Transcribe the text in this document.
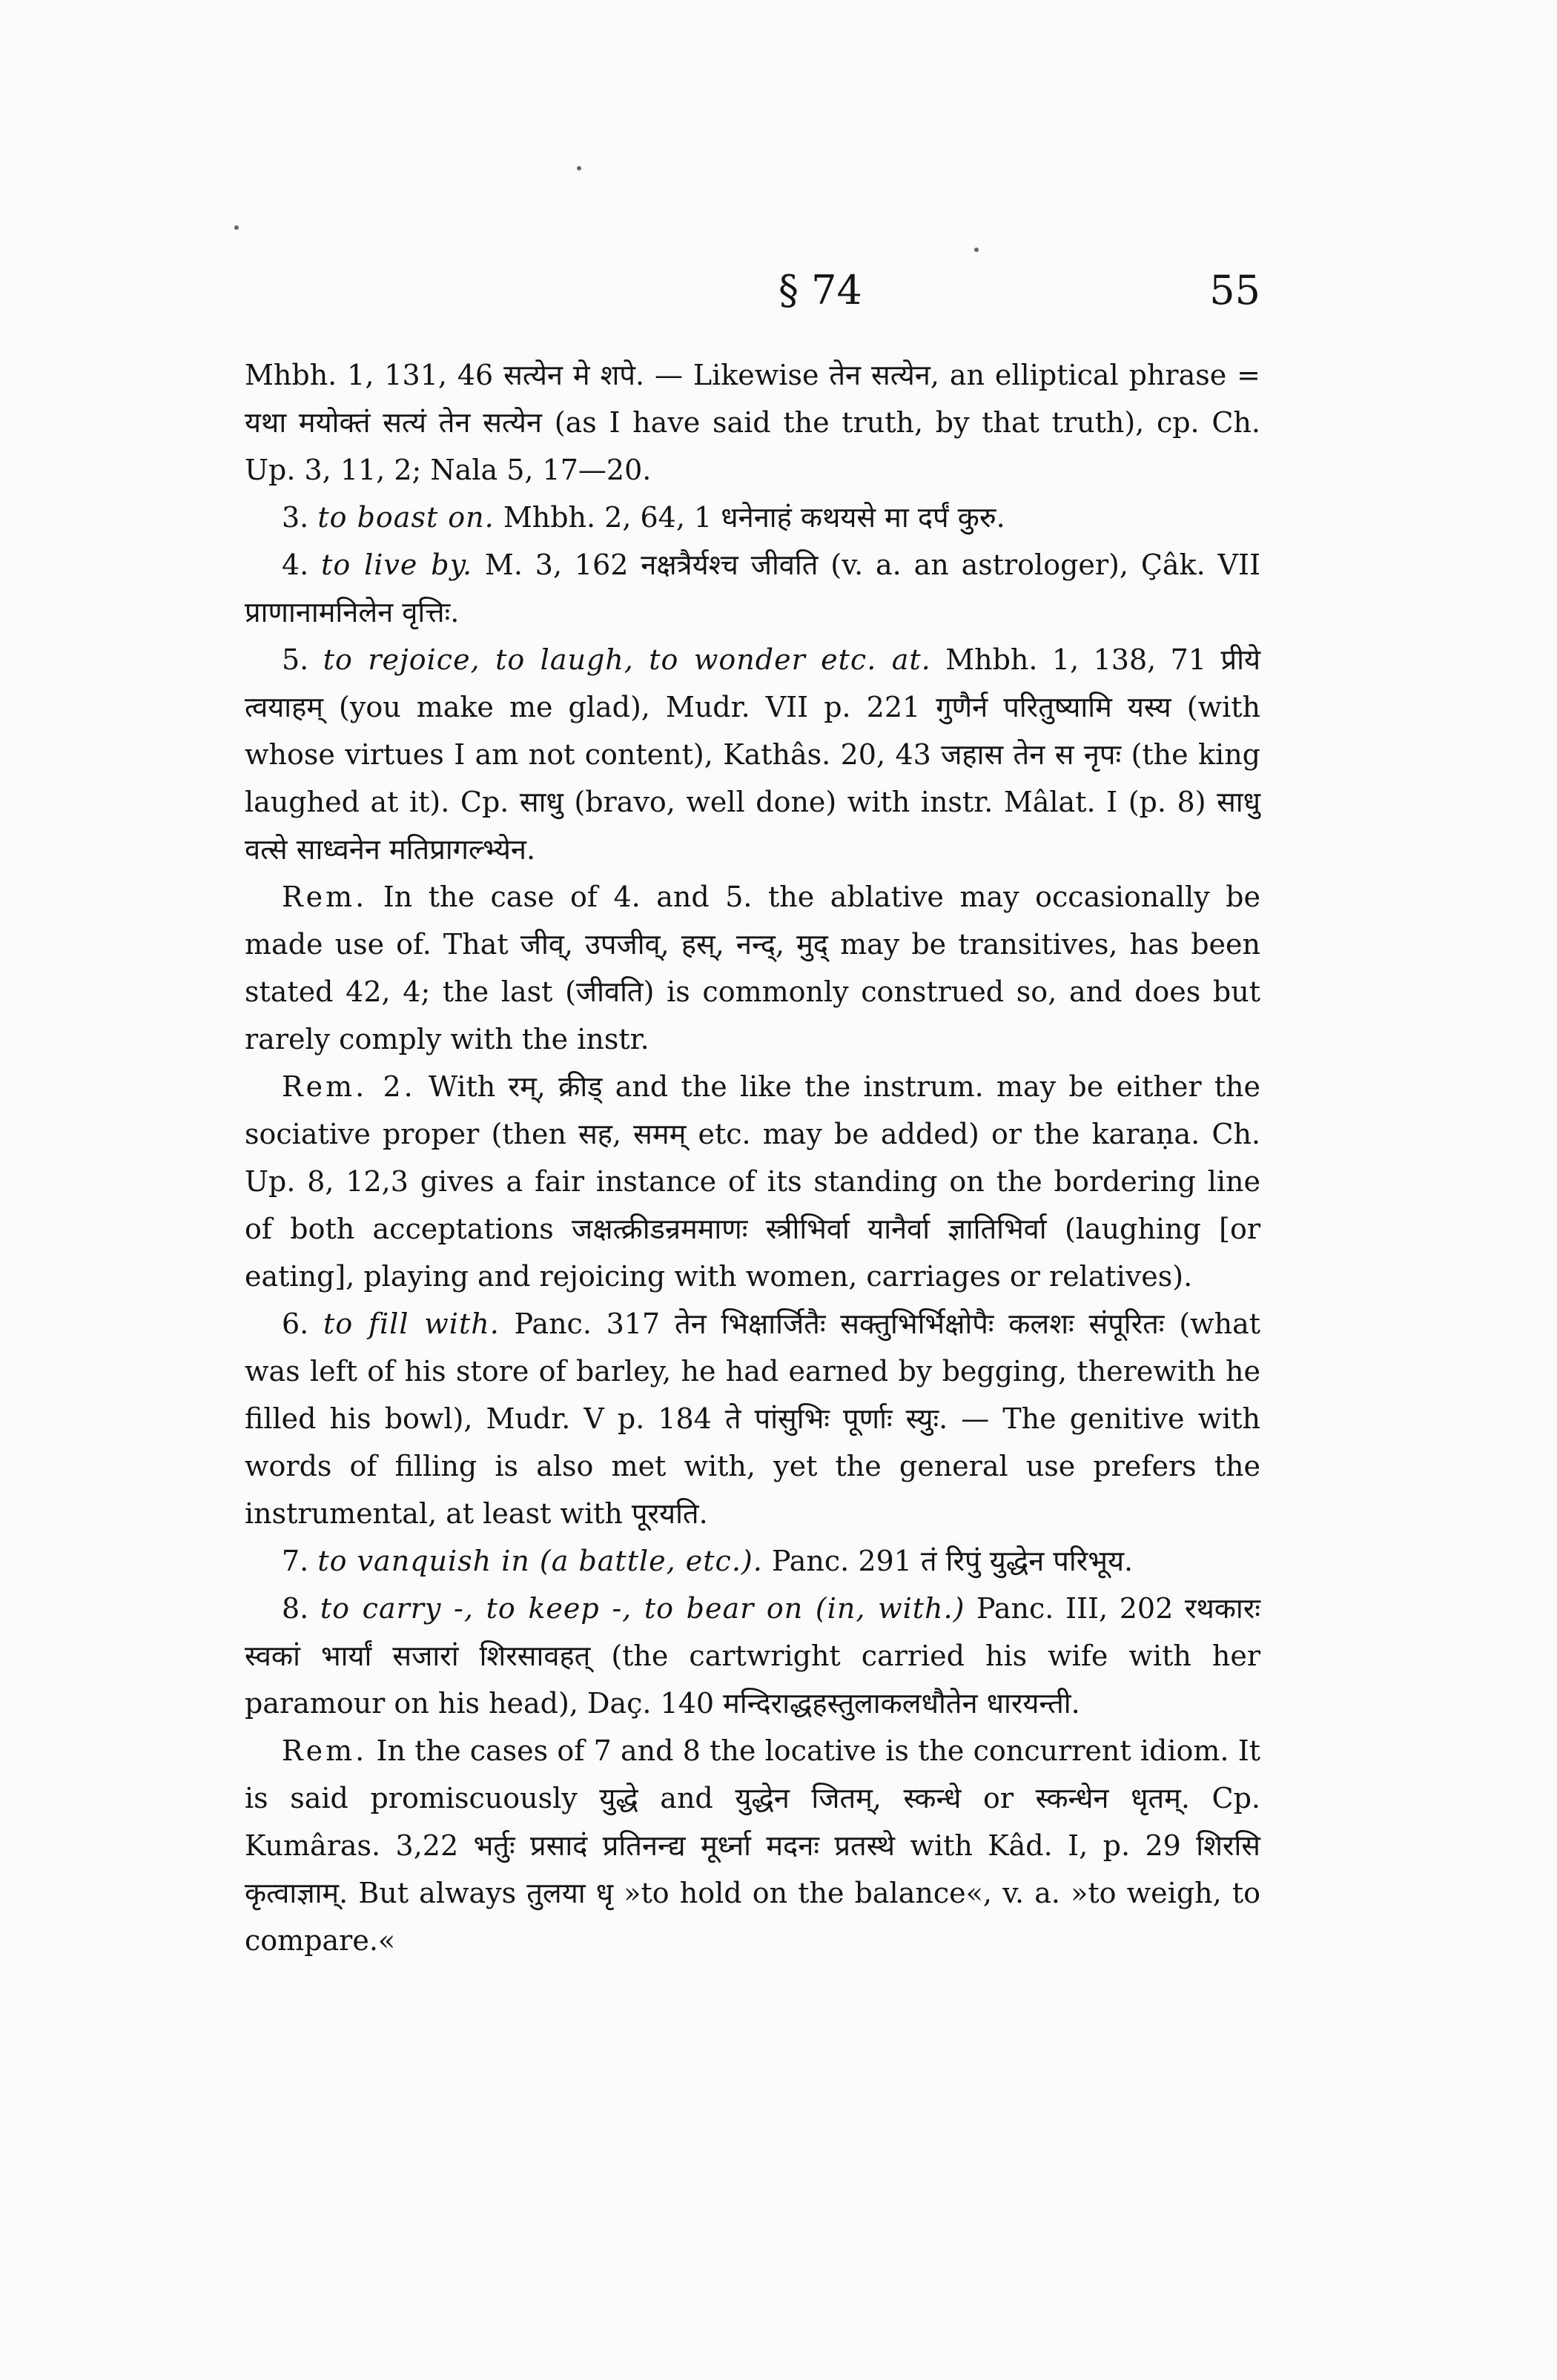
§ 74	55

Mhbh. 1, 131, 46 सत्येन मे शपे. — Likewise तेन सत्येन, an elliptical phrase = यथा मयोक्तं सत्यं तेन सत्येन (as I have said the truth, by that truth), cp. Ch. Up. 3, 11, 2; Nala 5, 17—20.

3. to boast on. Mhbh. 2, 64, 1 धनेनाहं कथयसे मा दर्पं कुरु.

4. to live by. M. 3, 162 नक्षत्रैर्यश्च जीवति (v. a. an astrologer), Çâk. VII प्राणानामनिलेन वृत्तिः.

5. to rejoice, to laugh, to wonder etc. at. Mhbh. 1, 138, 71 प्रीये त्वयाहम् (you make me glad), Mudr. VII p. 221 गुणैर्न परितुष्यामि यस्य (with whose virtues I am not content), Kathâs. 20, 43 जहास तेन स नृपः (the king laughed at it). Cp. साधु (bravo, well done) with instr. Mâlat. I (p. 8) साधु वत्से साध्वनेन मतिप्रागल्भ्येन.

Rem. In the case of 4. and 5. the ablative may occasionally be made use of. That जीव्, उपजीव्, हस्, नन्द्, मुद् may be transitives, has been stated 42, 4; the last (जीवति) is commonly construed so, and does but rarely comply with the instr.

Rem. 2. With रम्, क्रीड् and the like the instrum. may be either the sociative proper (then सह, समम् etc. may be added) or the karaṇa. Ch. Up. 8, 12,3 gives a fair instance of its standing on the bordering line of both acceptations जक्षत्क्रीडन्रममाणः स्त्रीभिर्वा यानैर्वा ज्ञातिभिर्वा (laughing [or eating], playing and rejoicing with women, carriages or relatives).

6. to fill with. Panc. 317 तेन भिक्षार्जितैः सक्तुभिर्भिक्षोपैः कलशः संपूरितः (what was left of his store of barley, he had earned by begging, therewith he filled his bowl), Mudr. V p. 184 ते पांसुभिः पूर्णाः स्युः. — The genitive with words of filling is also met with, yet the general use prefers the instrumental, at least with पूरयति.

7. to vanquish in (a battle, etc.). Panc. 291 तं रिपुं युद्धेन परिभूय.

8. to carry -, to keep -, to bear on (in, with.) Panc. III, 202 रथकारः स्वकां भार्यां सजारां शिरसावहत् (the cartwright carried his wife with her paramour on his head), Daç. 140 मन्दिराद्धहस्तुलाकलधौतेन धारयन्ती.

Rem. In the cases of 7 and 8 the locative is the concurrent idiom. It is said promiscuously युद्धे and युद्धेन जितम्, स्कन्धे or स्कन्धेन धृतम्. Cp. Kumâras. 3,22 भर्तुः प्रसादं प्रतिनन्द्य मूर्ध्ना मदनः प्रतस्थे with Kâd. I, p. 29 शिरसि कृत्वाज्ञाम्. But always तुलया धृ »to hold on the balance«, v. a. »to weigh, to compare.«
